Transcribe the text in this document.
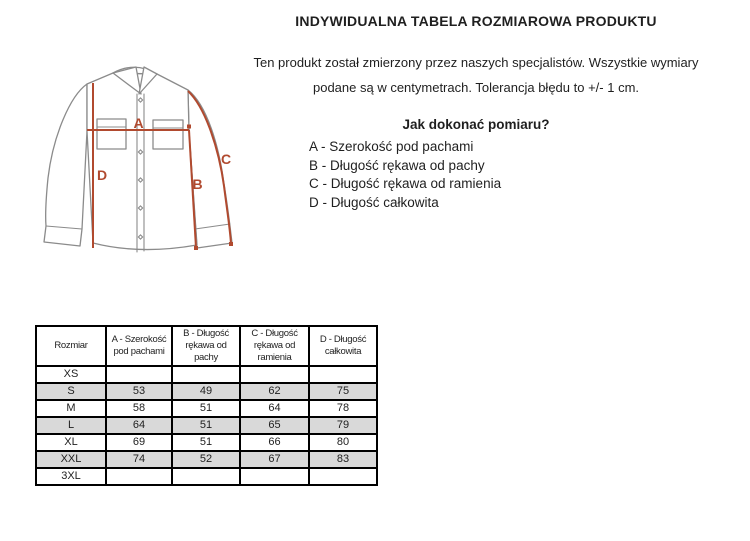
INDYWIDUALNA TABELA ROZMIAROWA PRODUKTU

Ten produkt został zmierzony przez naszych specjalistów. Wszystkie wymiary podane są w centymetrach. Tolerancja błędu to +/- 1 cm.

Jak dokonać pomiaru?
A - Szerokość pod pachami
B - Długość rękawa od pachy
C - Długość rękawa od ramienia
D - Długość całkowita
A
B
C
D
Rozmiar	A - Szerokość pod pachami	B - Długość rękawa od pachy	C - Długość rękawa od ramienia	D - Długość całkowita
XS				
S	53	49	62	75
M	58	51	64	78
L	64	51	65	79
XL	69	51	66	80
XXL	74	52	67	83
3XL				
